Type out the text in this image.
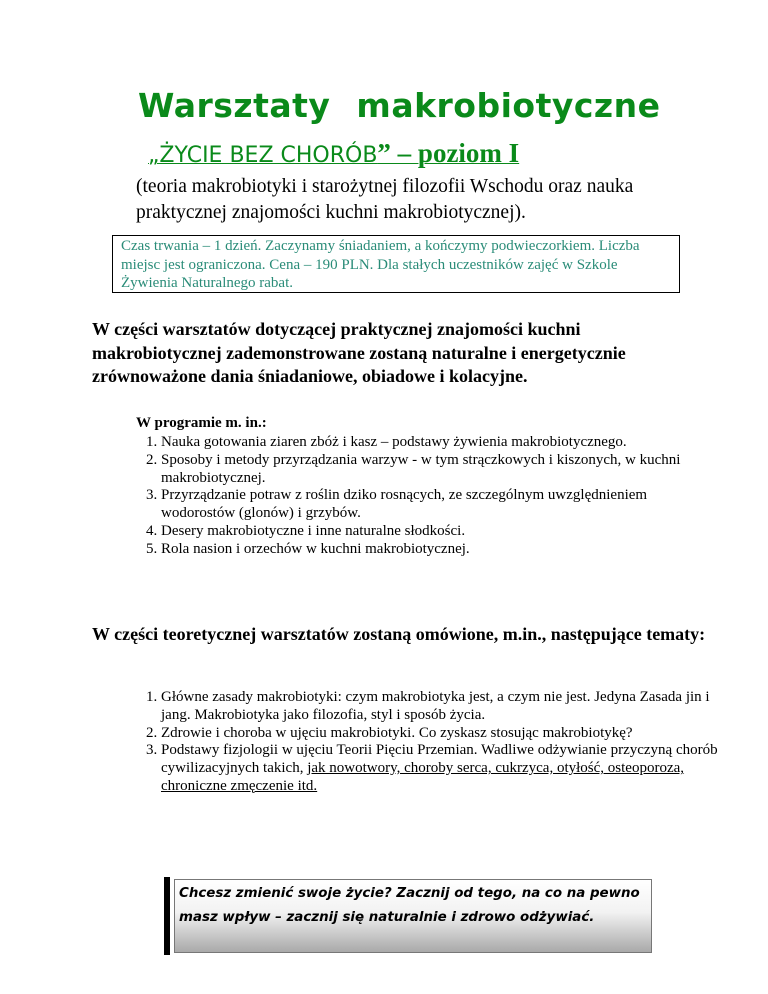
Warsztaty makrobiotyczne
„ŻYCIE BEZ CHORÓB” – poziom I
(teoria makrobiotyki i starożytnej filozofii Wschodu oraz nauka praktycznej znajomości kuchni makrobiotycznej).
Czas trwania – 1 dzień. Zaczynamy śniadaniem, a kończymy podwieczorkiem. Liczba miejsc jest ograniczona. Cena – 190 PLN. Dla stałych uczestników zajęć w Szkole Żywienia Naturalnego rabat.
W części warsztatów dotyczącej praktycznej znajomości kuchni makrobiotycznej zademonstrowane zostaną naturalne i energetycznie zrównoważone dania śniadaniowe, obiadowe i kolacyjne.
W programie m. in.:
1. Nauka gotowania ziaren zbóż i kasz – podstawy żywienia makrobiotycznego.
2. Sposoby i metody przyrządzania warzyw - w tym strączkowych i kiszonych, w kuchni makrobiotycznej.
3. Przyrządzanie potraw z roślin dziko rosnących, ze szczególnym uwzględnieniem wodorostów (glonów) i grzybów.
4. Desery makrobiotyczne i inne naturalne słodkości.
5. Rola nasion i orzechów w kuchni makrobiotycznej.
W części teoretycznej warsztatów zostaną omówione, m.in., następujące tematy:
1. Główne zasady makrobiotyki: czym makrobiotyka jest, a czym nie jest. Jedyna Zasada jin i jang. Makrobiotyka jako filozofia, styl i sposób życia.
2. Zdrowie i choroba w ujęciu makrobiotyki. Co zyskasz stosując makrobiotykę?
3. Podstawy fizjologii w ujęciu Teorii Pięciu Przemian. Wadliwe odżywianie przyczyną chorób cywilizacyjnych takich, jak nowotwory, choroby serca, cukrzyca, otyłość, osteoporoza, chroniczne zmęczenie itd.
Chcesz zmienić swoje życie? Zacznij od tego, na co na pewno masz wpływ – zacznij się naturalnie i zdrowo odżywiać.
